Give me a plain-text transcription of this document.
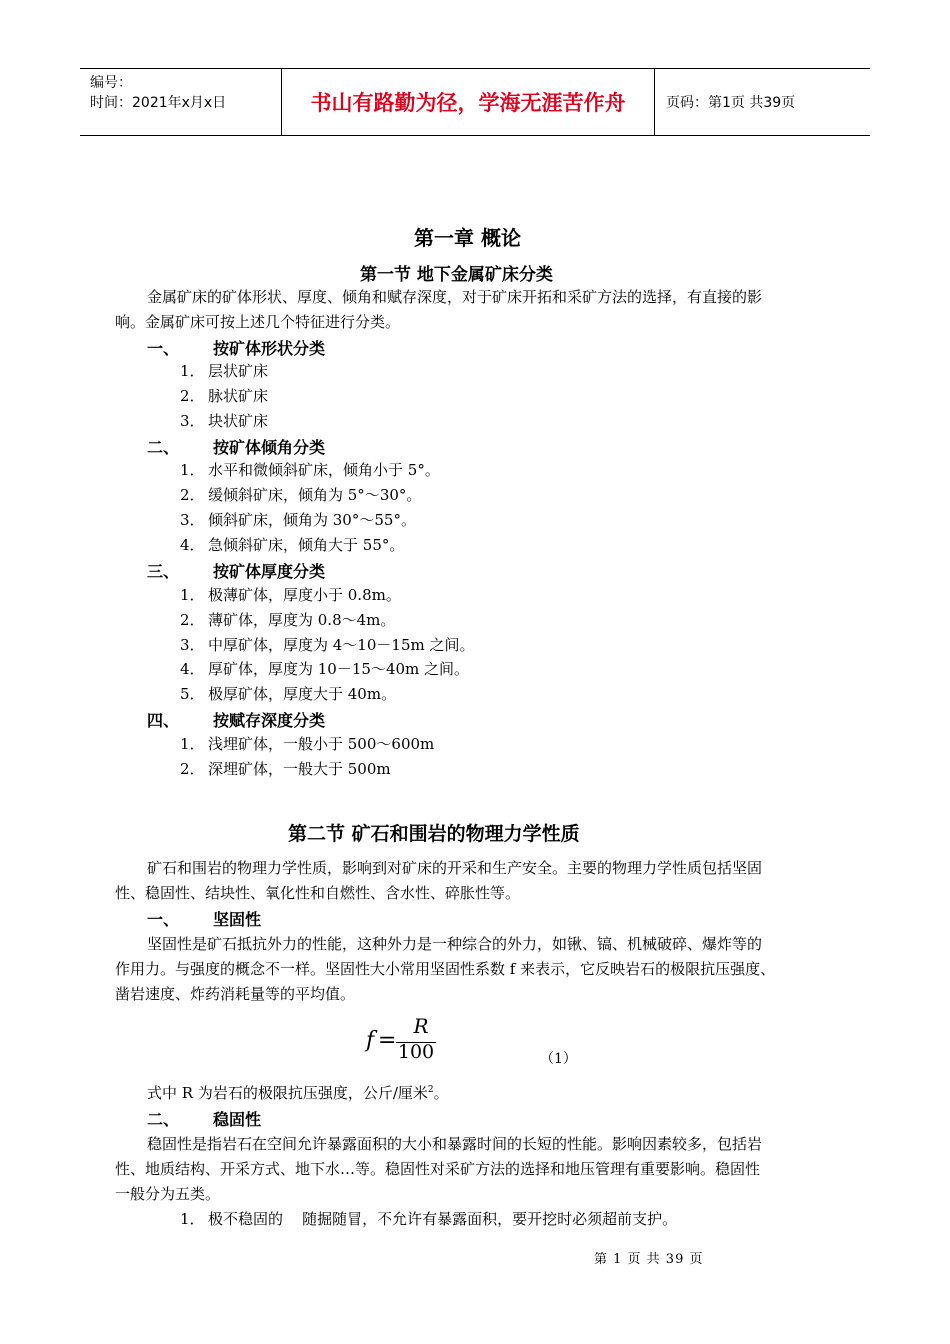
编号：
时间：2021年x月x日	书山有路勤为径，学海无涯苦作舟	页码：第1页 共39页
第一章 概论
第一节 地下金属矿床分类
金属矿床的矿体形状、厚度、倾角和赋存深度，对于矿床开拓和采矿方法的选择，有直接的影
响。金属矿床可按上述几个特征进行分类。
一、 按矿体形状分类
1． 层状矿床
2． 脉状矿床
3． 块状矿床
二、 按矿体倾角分类
1． 水平和微倾斜矿床，倾角小于 5°。
2． 缓倾斜矿床，倾角为 5°～30°。
3． 倾斜矿床，倾角为 30°～55°。
4． 急倾斜矿床，倾角大于 55°。
三、 按矿体厚度分类
1． 极薄矿体，厚度小于 0.8m。
2． 薄矿体，厚度为 0.8～4m。
3． 中厚矿体，厚度为 4～10－15m 之间。
4． 厚矿体，厚度为 10－15～40m 之间。
5． 极厚矿体，厚度大于 40m。
四、 按赋存深度分类
1． 浅埋矿体，一般小于 500～600m
2． 深埋矿体，一般大于 500m
第二节 矿石和围岩的物理力学性质
矿石和围岩的物理力学性质，影响到对矿床的开采和生产安全。主要的物理力学性质包括坚固
性、稳固性、结块性、氧化性和自燃性、含水性、碎胀性等。
一、 坚固性
坚固性是矿石抵抗外力的性能，这种外力是一种综合的外力，如锹、镐、机械破碎、爆炸等的
作用力。与强度的概念不一样。坚固性大小常用坚固性系数 f 来表示，它反映岩石的极限抗压强度、
凿岩速度、炸药消耗量等的平均值。
f =
R
100	（1）
式中 R 为岩石的极限抗压强度，公斤/厘米$^2$。
二、 稳固性
稳固性是指岩石在空间允许暴露面积的大小和暴露时间的长短的性能。影响因素较多，包括岩
性、地质结构、开采方式、地下水…等。稳固性对采矿方法的选择和地压管理有重要影响。稳固性
一般分为五类。
1． 极不稳固的    随掘随冒，不允许有暴露面积，要开挖时必须超前支护。
第 1 页 共 39 页
